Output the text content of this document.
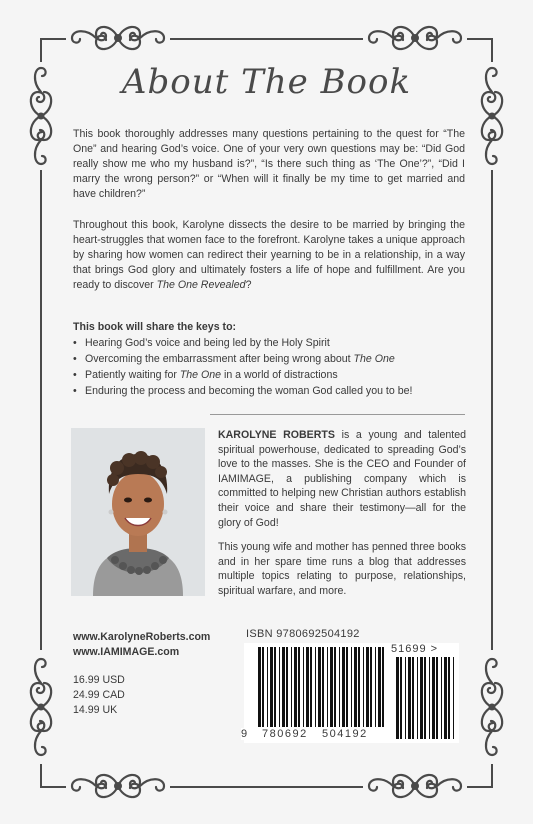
About The Book

This book thoroughly addresses many questions pertaining to the quest for “The One” and hearing God’s voice. One of your very own questions may be: “Did God really show me who my husband is?”, “Is there such thing as ‘The One’?”, “Did I marry the wrong person?” or “When will it finally be my time to get married and have children?”

Throughout this book, Karolyne dissects the desire to be married by bringing the heart-struggles that women face to the forefront. Karolyne takes a unique approach by sharing how women can redirect their yearning to be in a relationship, in a way that brings God glory and ultimately fosters a life of hope and fulfillment. Are you ready to discover The One Revealed?

This book will share the keys to:

• Hearing God’s voice and being led by the Holy Spirit
• Overcoming the embarrassment after being wrong about The One
• Patiently waiting for The One in a world of distractions
• Enduring the process and becoming the woman God called you to be!

KAROLYNE ROBERTS is a young and talented spiritual powerhouse, dedicated to spreading God’s love to the masses. She is the CEO and Founder of IAMIMAGE, a publishing company which is committed to helping new Christian authors establish their voice and share their testimony—all for the glory of God!

This young wife and mother has penned three books and in her spare time runs a blog that addresses multiple topics relating to purpose, relationships, spiritual warfare, and more.

www.KarolyneRoberts.com
www.IAMIMAGE.com
16.99 USD
24.99 CAD
14.99 UK
ISBN 9780692504192
51699 >
9 780692 504192
